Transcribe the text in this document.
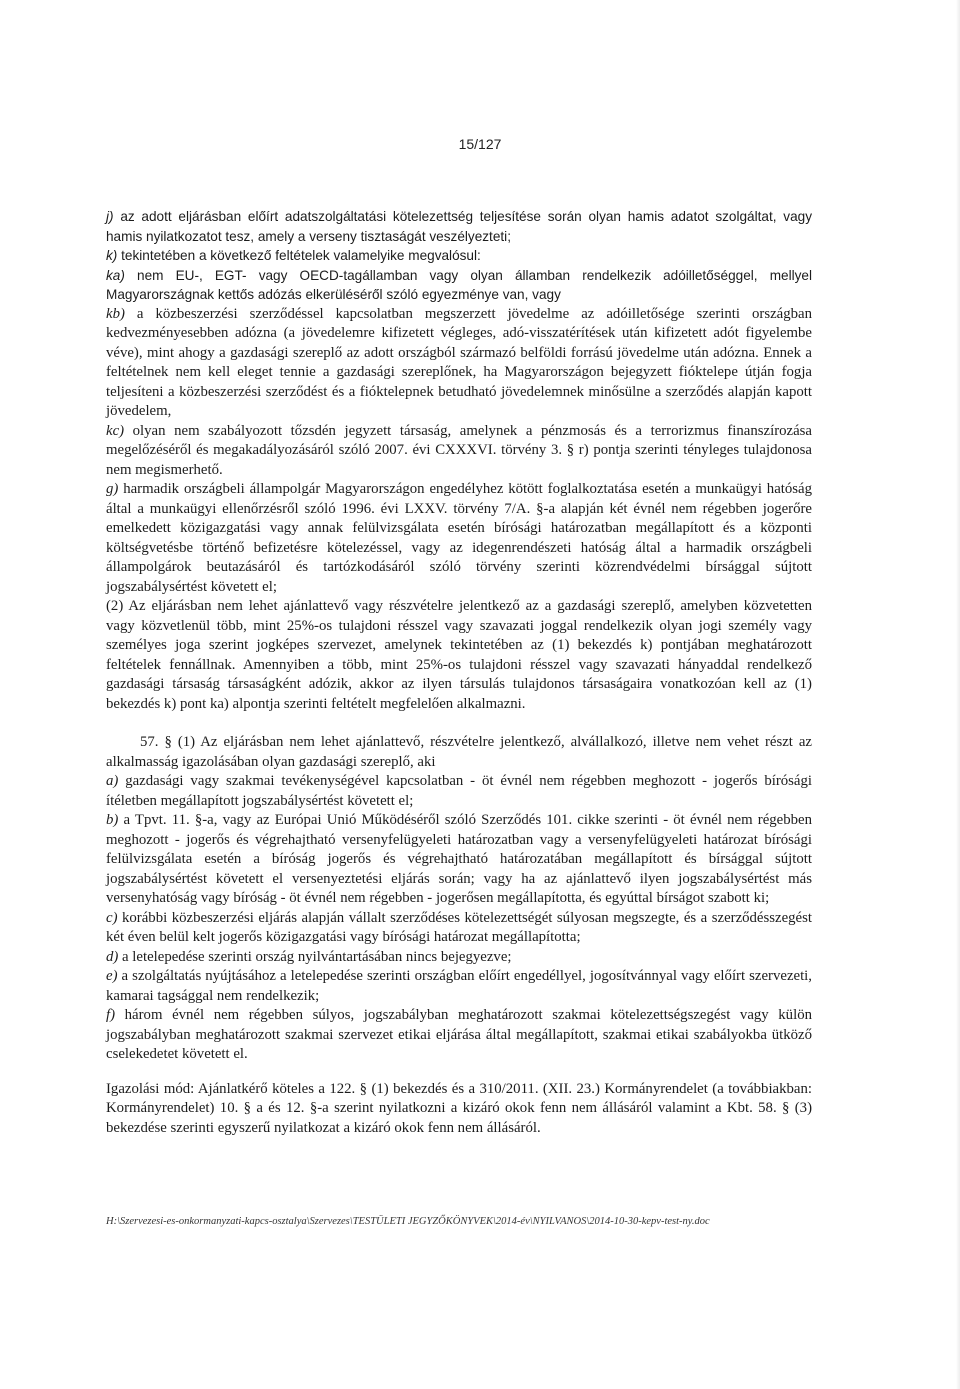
15/127

j) az adott eljárásban előírt adatszolgáltatási kötelezettség teljesítése során olyan hamis adatot szolgáltat, vagy hamis nyilatkozatot tesz, amely a verseny tisztaságát veszélyezteti;

k) tekintetében a következő feltételek valamelyike megvalósul:

ka) nem EU-, EGT- vagy OECD-tagállamban vagy olyan államban rendelkezik adóilletőséggel, mellyel Magyarországnak kettős adózás elkerüléséről szóló egyezménye van, vagy

kb) a közbeszerzési szerződéssel kapcsolatban megszerzett jövedelme az adóilletősége szerinti országban kedvezményesebben adózna (a jövedelemre kifizetett végleges, adó-visszatérítések után kifizetett adót figyelembe véve), mint ahogy a gazdasági szereplő az adott országból származó belföldi forrású jövedelme után adózna. Ennek a feltételnek nem kell eleget tennie a gazdasági szereplőnek, ha Magyarországon bejegyzett fióktelepe útján fogja teljesíteni a közbeszerzési szerződést és a fióktelepnek betudható jövedelemnek minősülne a szerződés alapján kapott jövedelem,

kc) olyan nem szabályozott tőzsdén jegyzett társaság, amelynek a pénzmosás és a terrorizmus finanszírozása megelőzéséről és megakadályozásáról szóló 2007. évi CXXXVI. törvény 3. § r) pontja szerinti tényleges tulajdonosa nem megismerhető.

g) harmadik országbeli állampolgár Magyarországon engedélyhez kötött foglalkoztatása esetén a munkaügyi hatóság által a munkaügyi ellenőrzésről szóló 1996. évi LXXV. törvény 7/A. §-a alapján két évnél nem régebben jogerőre emelkedett közigazgatási vagy annak felülvizsgálata esetén bírósági határozatban megállapított és a központi költségvetésbe történő befizetésre kötelezéssel, vagy az idegenrendészeti hatóság által a harmadik országbeli állampolgárok beutazásáról és tartózkodásáról szóló törvény szerinti közrendvédelmi bírsággal sújtott jogszabálysértést követett el;

(2) Az eljárásban nem lehet ajánlattevő vagy részvételre jelentkező az a gazdasági szereplő, amelyben közvetetten vagy közvetlenül több, mint 25%-os tulajdoni résszel vagy szavazati joggal rendelkezik olyan jogi személy vagy személyes joga szerint jogképes szervezet, amelynek tekintetében az (1) bekezdés k) pontjában meghatározott feltételek fennállnak. Amennyiben a több, mint 25%-os tulajdoni résszel vagy szavazati hányaddal rendelkező gazdasági társaság társaságként adózik, akkor az ilyen társulás tulajdonos társaságaira vonatkozóan kell az (1) bekezdés k) pont ka) alpontja szerinti feltételt megfelelően alkalmazni.

57. § (1) Az eljárásban nem lehet ajánlattevő, részvételre jelentkező, alvállalkozó, illetve nem vehet részt az alkalmasság igazolásában olyan gazdasági szereplő, aki

a) gazdasági vagy szakmai tevékenységével kapcsolatban - öt évnél nem régebben meghozott - jogerős bírósági ítéletben megállapított jogszabálysértést követett el;

b) a Tpvt. 11. §-a, vagy az Európai Unió Működéséről szóló Szerződés 101. cikke szerinti - öt évnél nem régebben meghozott - jogerős és végrehajtható versenyfelügyeleti határozatban vagy a versenyfelügyeleti határozat bírósági felülvizsgálata esetén a bíróság jogerős és végrehajtható határozatában megállapított és bírsággal sújtott jogszabálysértést követett el versenyeztetési eljárás során; vagy ha az ajánlattevő ilyen jogszabálysértést más versenyhatóság vagy bíróság - öt évnél nem régebben - jogerősen megállapította, és egyúttal bírságot szabott ki;

c) korábbi közbeszerzési eljárás alapján vállalt szerződéses kötelezettségét súlyosan megszegte, és a szerződésszegést két éven belül kelt jogerős közigazgatási vagy bírósági határozat megállapította;

d) a letelepedése szerinti ország nyilvántartásában nincs bejegyezve;

e) a szolgáltatás nyújtásához a letelepedése szerinti országban előírt engedéllyel, jogosítvánnyal vagy előírt szervezeti, kamarai tagsággal nem rendelkezik;

f) három évnél nem régebben súlyos, jogszabályban meghatározott szakmai kötelezettségszegést vagy külön jogszabályban meghatározott szakmai szervezet etikai eljárása által megállapított, szakmai etikai szabályokba ütköző cselekedetet követett el.

Igazolási mód: Ajánlatkérő köteles a 122. § (1) bekezdés és a 310/2011. (XII. 23.) Kormányrendelet (a továbbiakban: Kormányrendelet) 10. § a és 12. §-a szerint nyilatkozni a kizáró okok fenn nem állásáról valamint a Kbt. 58. § (3) bekezdése szerinti egyszerű nyilatkozat a kizáró okok fenn nem állásáról.

H:\Szervezesi-es-onkormanyzati-kapcs-osztalya\Szervezes\TESTÜLETI JEGYZŐKÖNYVEK\2014-év\NYILVANOS\2014-10-30-kepv-test-ny.doc
